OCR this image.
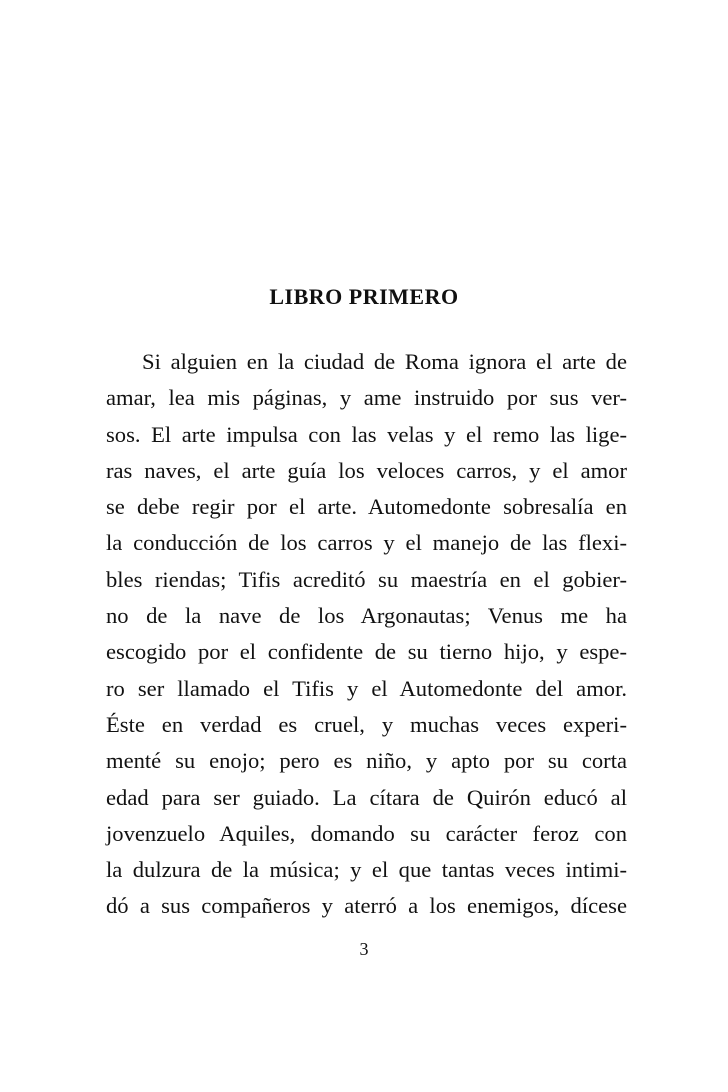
LIBRO PRIMERO
Si alguien en la ciudad de Roma ignora el arte de
amar, lea mis páginas, y ame instruido por sus ver-
sos. El arte impulsa con las velas y el remo las lige-
ras naves, el arte guía los veloces carros, y el amor
se debe regir por el arte. Automedonte sobresalía en
la conducción de los carros y el manejo de las flexi-
bles riendas; Tifis acreditó su maestría en el gobier-
no de la nave de los Argonautas; Venus me ha
escogido por el confidente de su tierno hijo, y espe-
ro ser llamado el Tifis y el Automedonte del amor.
Éste en verdad es cruel, y muchas veces experi-
menté su enojo; pero es niño, y apto por su corta
edad para ser guiado. La cítara de Quirón educó al
jovenzuelo Aquiles, domando su carácter feroz con
la dulzura de la música; y el que tantas veces intimi-
dó a sus compañeros y aterró a los enemigos, dícese
3
